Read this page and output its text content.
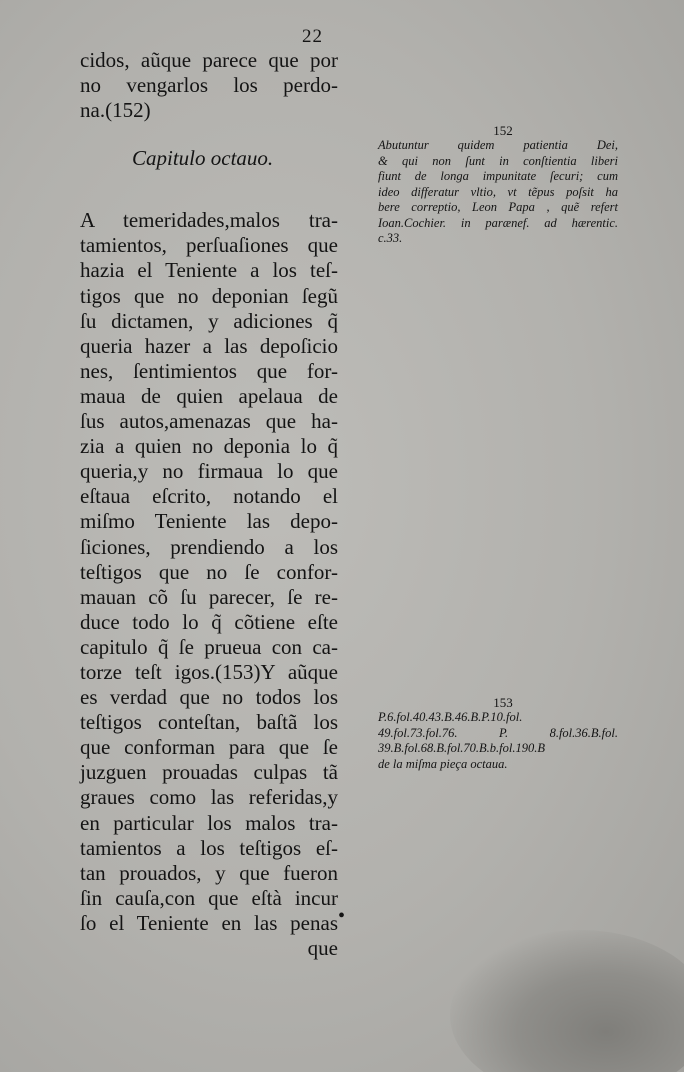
22
cidos, aũque parece que por
no vengarlos los perdo-
na.(152)
Capitulo octauo.
A temeridades,malos tra-
tamientos, perſuaſiones que
hazia el Teniente a los teſ-
tigos que no deponian ſegũ
ſu dictamen, y adiciones q̃
queria hazer a las depoſicio
nes, ſentimientos que for-
maua de quien apelaua de
ſus autos,amenazas que ha-
zia a quien no deponia lo q̃
queria,y no firmaua lo que
eſtaua eſcrito, notando el
miſmo Teniente las depo-
ſiciones, prendiendo a los
teſtigos que no ſe confor-
mauan cõ ſu parecer, ſe re-
duce todo lo q̃ cõtiene eſte
capitulo q̃ ſe prueua con ca-
torze teſt igos.(153)Y aũque
es verdad que no todos los
teſtigos conteſtan, baſtã los
que conforman para que ſe
juzguen prouadas culpas tã
graues como las referidas,y
en particular los malos tra-
tamientos a los teſtigos eſ-
tan prouados, y que fueron
ſin cauſa,con que eſtà incur
ſo el Teniente en las penas
que
•
152
Abutuntur quidem patientia Dei,
& qui non ſunt in conſtientia liberi
fiunt de longa impunitate ſecuri; cum
ideo differatur vltio, vt tẽpus poſsit ha
bere correptio, Leon Papa , quẽ refert
Ioan.Cochier. in parænef. ad hærentic.
c.33.
153
P.6.fol.40.43.B.46.B.P.10.fol.
49.fol.73.fol.76. P. 8.fol.36.B.fol.
39.B.fol.68.B.fol.70.B.b.fol.190.B
de la miſma pieça octaua.
